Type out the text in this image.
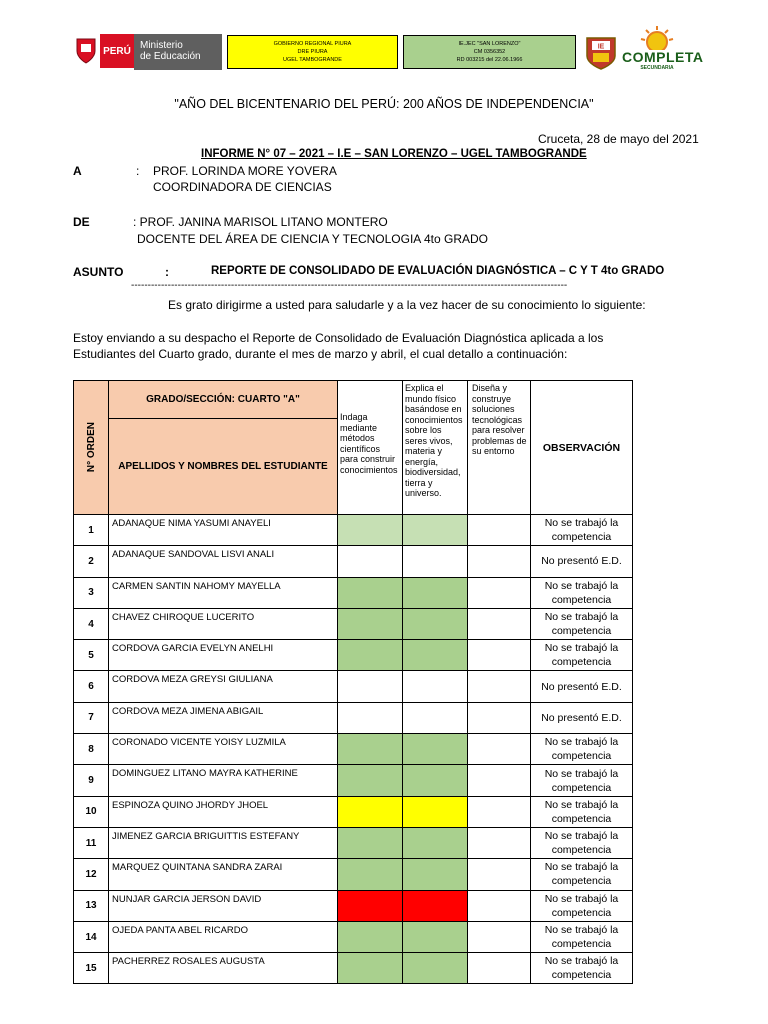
PERÚ Ministerio
de Educación
GOBIERNO REGIONAL PIURA
DRE PIURA
UGEL TAMBOGRANDE
IE.JEC "SAN LORENZO"
CM 0356352
RD 003215 del 22.06.1966
IE
COMPLETA
SECUNDARIA
"AÑO DEL BICENTENARIO DEL PERÚ: 200 AÑOS DE INDEPENDENCIA"
Cruceta, 28 de mayo del 2021
INFORME N° 07 – 2021 – I.E – SAN LORENZO – UGEL TAMBOGRANDE
A	: PROF. LORINDA MORE YOVERA
COORDINADORA DE CIENCIAS
DE	: PROF. JANINA MARISOL LITANO MONTERO
DOCENTE DEL ÁREA DE CIENCIA Y TECNOLOGIA 4to GRADO
ASUNTO	:	REPORTE DE CONSOLIDADO DE EVALUACIÓN DIAGNÓSTICA – C Y T 4to GRADO
-----------------------------------------------------------------------------------------------------------------------------------
Es grato dirigirme a usted para saludarle y a la vez hacer de su conocimiento lo siguiente:
Estoy enviando a su despacho el Reporte de Consolidado de Evaluación Diagnóstica aplicada a los
Estudiantes del Cuarto grado, durante el mes de marzo y abril, el cual detallo a continuación:
N° ORDEN	GRADO/SECCIÓN: CUARTO "A"	Indaga mediante métodos científicos para construir conocimientos	Explica el mundo físico basándose en conocimientos sobre los seres vivos, materia y energía, biodiversidad, tierra y universo.	Diseña y construye soluciones tecnológicas para resolver problemas de su entorno	OBSERVACIÓN
	APELLIDOS Y NOMBRES DEL ESTUDIANTE				
1	ADANAQUE NIMA YASUMI ANAYELI				No se trabajó la competencia
2	ADANAQUE SANDOVAL LISVI ANALI				No presentó E.D.
3	CARMEN SANTIN NAHOMY MAYELLA				No se trabajó la competencia
4	CHAVEZ CHIROQUE LUCERITO				No se trabajó la competencia
5	CORDOVA GARCIA EVELYN ANELHI				No se trabajó la competencia
6	CORDOVA MEZA GREYSI GIULIANA				No presentó E.D.
7	CORDOVA MEZA JIMENA ABIGAIL				No presentó E.D.
8	CORONADO VICENTE YOISY LUZMILA				No se trabajó la competencia
9	DOMINGUEZ LITANO MAYRA KATHERINE				No se trabajó la competencia
10	ESPINOZA QUINO JHORDY JHOEL				No se trabajó la competencia
11	JIMENEZ GARCIA BRIGUITTIS ESTEFANY				No se trabajó la competencia
12	MARQUEZ QUINTANA SANDRA ZARAI				No se trabajó la competencia
13	NUNJAR GARCIA JERSON DAVID				No se trabajó la competencia
14	OJEDA PANTA ABEL RICARDO				No se trabajó la competencia
15	PACHERREZ ROSALES AUGUSTA				No se trabajó la competencia
